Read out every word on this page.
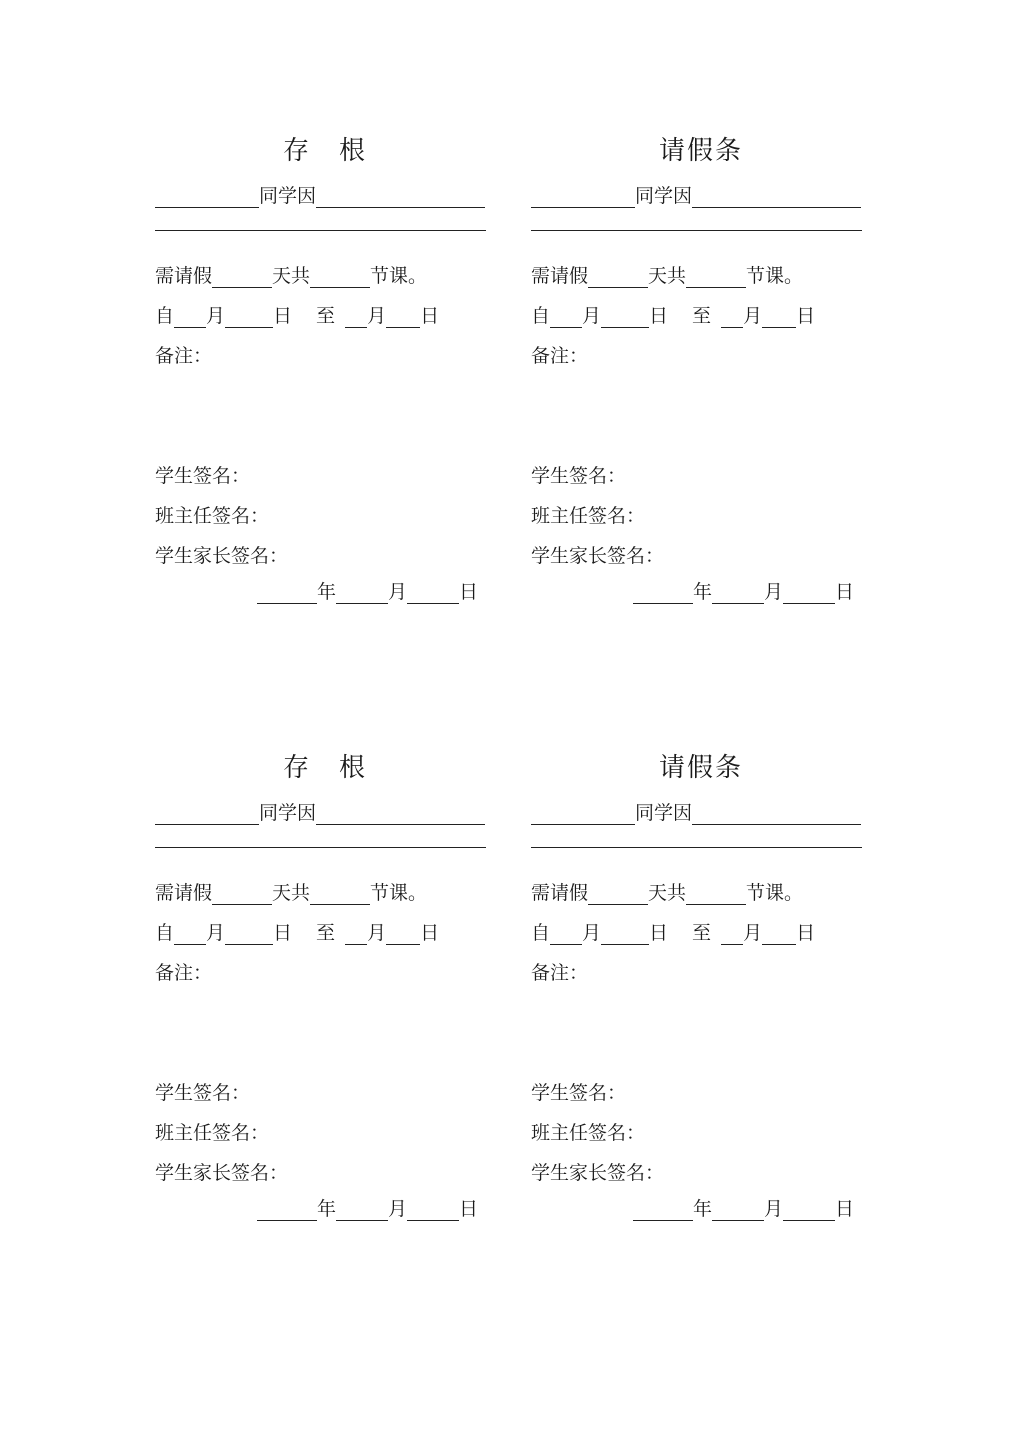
存　根
同学因
需请假	天共	节课。
自 月	日 至 月 日
备注：
学生签名：
班主任签名：
学生家长签名：
年	月	日
请假条
同学因
需请假	天共	节课。
自 月	日 至 月 日
备注：
学生签名：
班主任签名：
学生家长签名：
年	月	日
存　根
同学因
需请假	天共	节课。
自 月	日 至 月 日
备注：
学生签名：
班主任签名：
学生家长签名：
年	月	日
请假条
同学因
需请假	天共	节课。
自 月	日 至 月 日
备注：
学生签名：
班主任签名：
学生家长签名：
年	月	日
